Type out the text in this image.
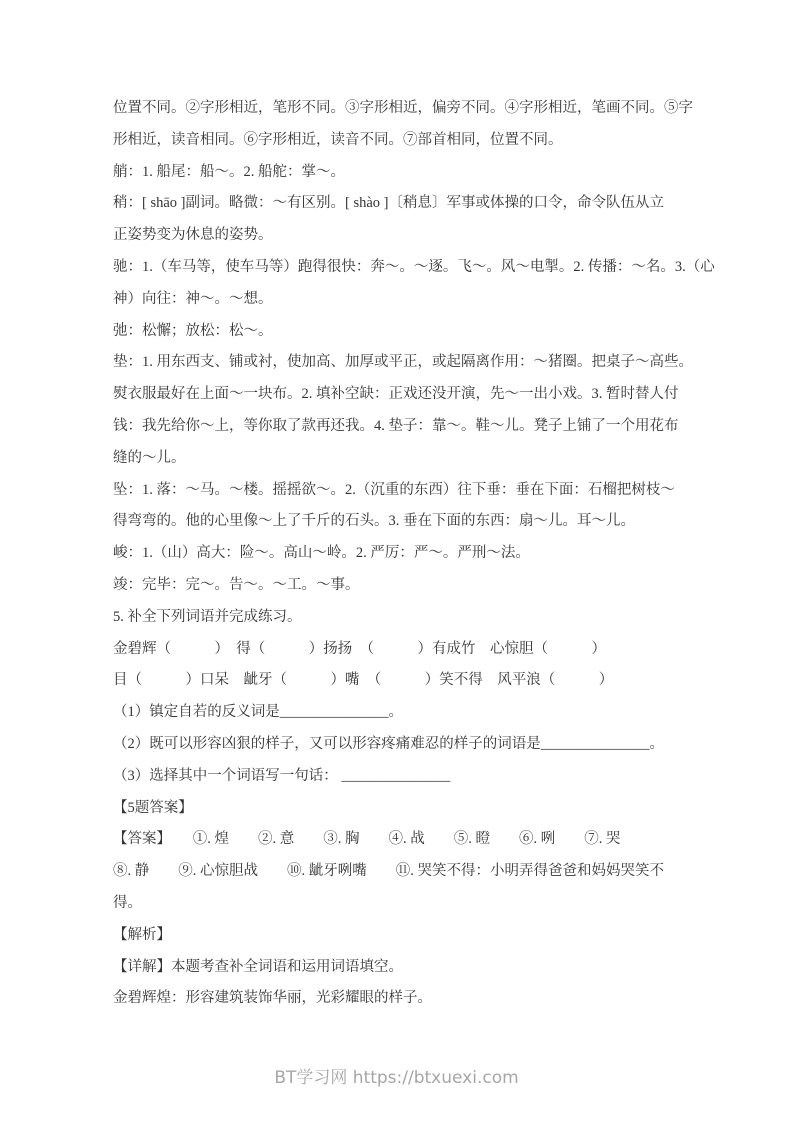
位置不同。②字形相近，笔形不同。③字形相近，偏旁不同。④字形相近，笔画不同。⑤字
形相近，读音相同。⑥字形相近，读音不同。⑦部首相同，位置不同。
艄：1. 船尾：船～。2. 船舵：掌～。
稍：[ shāo ]副词。略微：～有区别。[ shào ]〔稍息〕军事或体操的口令，命令队伍从立
正姿势变为休息的姿势。
驰：1.（车马等，使车马等）跑得很快：奔～。～逐。飞～。风～电掣。2. 传播：～名。3.（心
神）向往：神～。～想。
弛：松懈；放松：松～。
垫：1. 用东西支、铺或衬，使加高、加厚或平正，或起隔离作用：～猪圈。把桌子～高些。
熨衣服最好在上面～一块布。2. 填补空缺：正戏还没开演，先～一出小戏。3. 暂时替人付
钱：我先给你～上，等你取了款再还我。4. 垫子：靠～。鞋～儿。凳子上铺了一个用花布
缝的～儿。
坠：1. 落：～马。～楼。摇摇欲～。2.（沉重的东西）往下垂：垂在下面：石榴把树枝～
得弯弯的。他的心里像～上了千斤的石头。3. 垂在下面的东西：扇～儿。耳～儿。
峻：1.（山）高大：险～。高山～岭。2. 严厉：严～。严刑～法。
竣：完毕：完～。告～。～工。～事。
5. 补全下列词语并完成练习。
金碧辉（　　　）　得（　　　）扬扬　（　　　）有成竹　心惊胆（　　　）
目（　　　）口呆　龇牙（　　　）嘴　（　　　）笑不得　风平浪（　　　）
（1）镇定自若的反义词是_______________。
（2）既可以形容凶狠的样子，又可以形容疼痛难忍的样子的词语是_______________。
（3）选择其中一个词语写一句话： _______________
【5题答案】
【答案】　　①. 煌　　②. 意　　③. 胸　　④. 战　　⑤. 瞪　　⑥. 咧　　⑦. 哭
⑧. 静　　⑨. 心惊胆战　　⑩. 龇牙咧嘴　　⑪. 哭笑不得：小明弄得爸爸和妈妈哭笑不
得。
【解析】
【详解】本题考查补全词语和运用词语填空。
金碧辉煌：形容建筑装饰华丽，光彩耀眼的样子。
BT学习网 https://btxuexi.com
